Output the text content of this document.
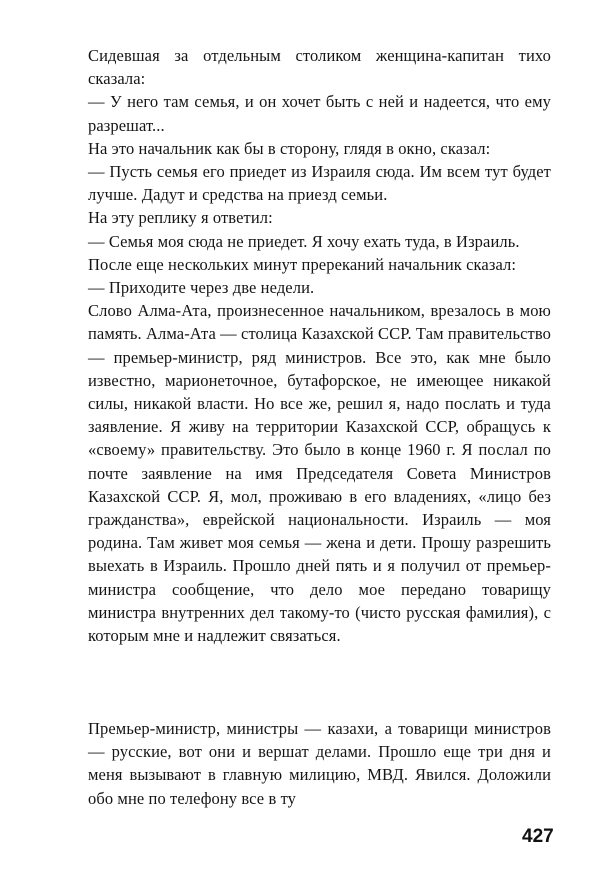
Сидевшая за отдельным столиком женщина-капитан тихо сказала:

— У него там семья, и он хочет быть с ней и надеется, что ему разрешат...

На это начальник как бы в сторону, глядя в окно, сказал:

— Пусть семья его приедет из Израиля сюда. Им всем тут будет лучше. Дадут и средства на приезд семьи.

На эту реплику я ответил:

— Семья моя сюда не приедет. Я хочу ехать туда, в Израиль.

После еще нескольких минут пререканий начальник сказал:

— Приходите через две недели.

Слово Алма-Ата, произнесенное начальником, врезалось в мою память. Алма-Ата — столица Казахской ССР. Там правительство — премьер-министр, ряд министров. Все это, как мне было известно, марионеточное, бутафорское, не имеющее никакой силы, никакой власти. Но все же, решил я, надо послать и туда заявление. Я живу на территории Казахской ССР, обращусь к «своему» правительству. Это было в конце 1960 г. Я послал по почте заявление на имя Председателя Совета Министров Казахской ССР. Я, мол, проживаю в его владениях, «лицо без гражданства», еврейской национальности. Израиль — моя родина. Там живет моя семья — жена и дети. Прошу разрешить выехать в Израиль. Прошло дней пять и я получил от премьер-министра сообщение, что дело мое передано товарищу министра внутренних дел такому-то (чисто русская фамилия), с которым мне и надлежит связаться.

Премьер-министр, министры — казахи, а товарищи министров — русские, вот они и вершат делами. Прошло еще три дня и меня вызывают в главную милицию, МВД. Явился. Доложили обо мне по телефону все в ту

427
